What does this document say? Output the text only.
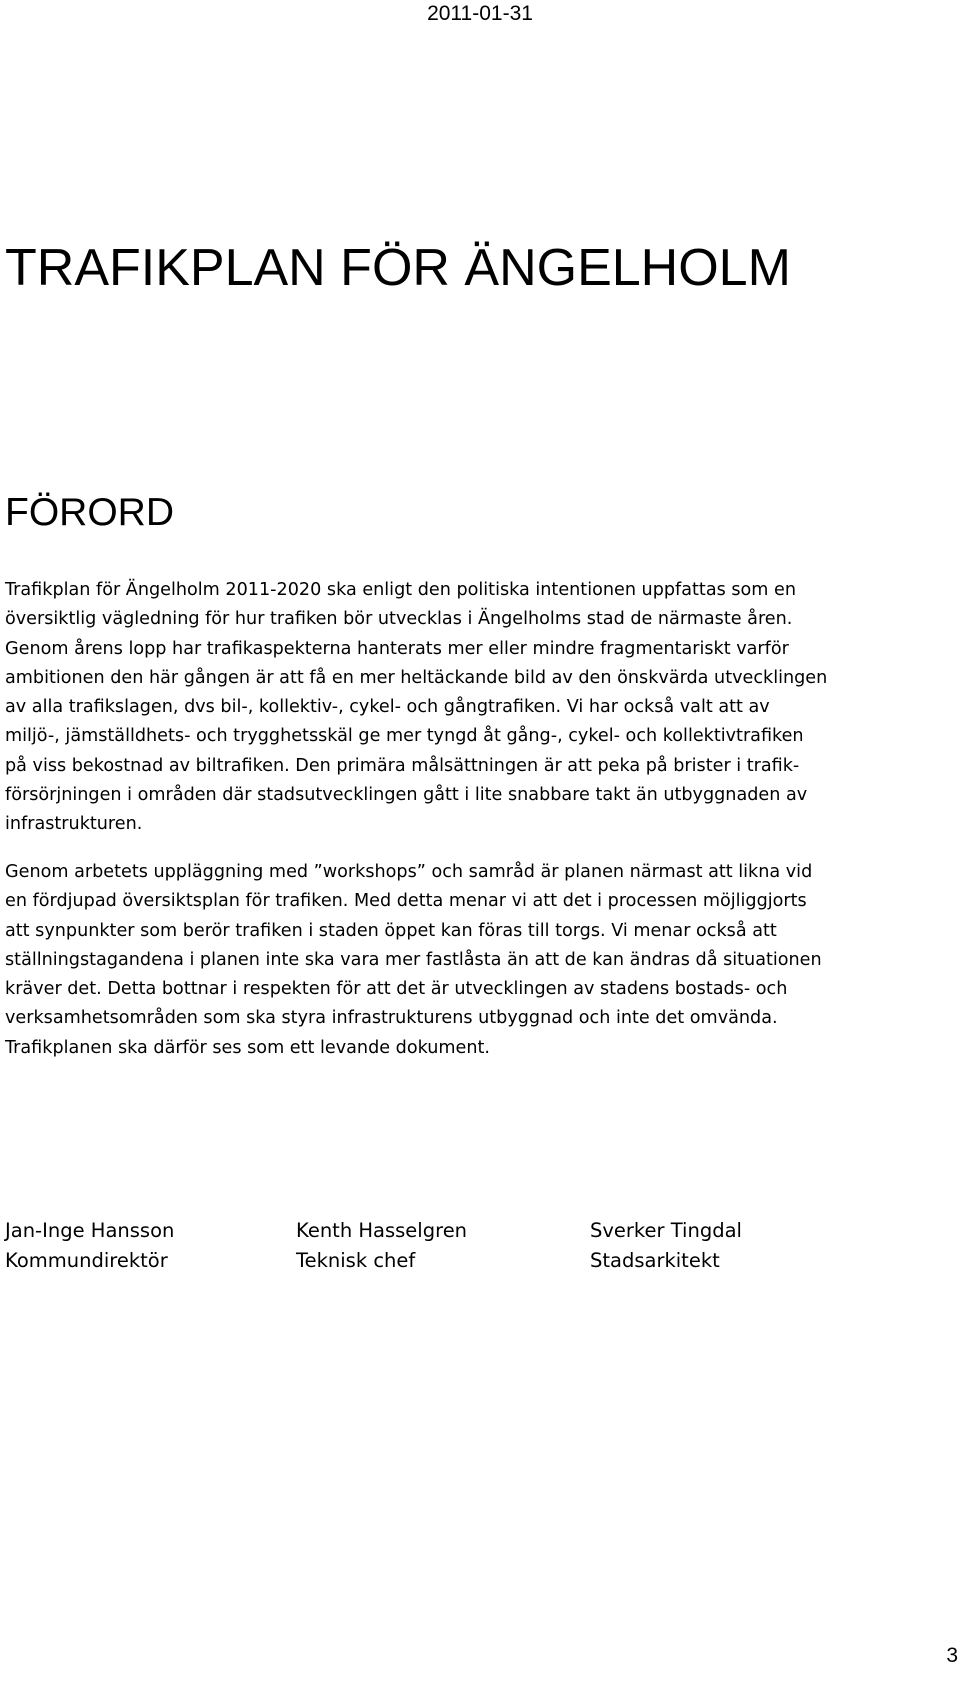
2011-01-31
TRAFIKPLAN FÖR ÄNGELHOLM
FÖRORD

Trafikplan för Ängelholm 2011-2020 ska enligt den politiska intentionen uppfattas som en
översiktlig vägledning för hur trafiken bör utvecklas i Ängelholms stad de närmaste åren.
Genom årens lopp har trafikaspekterna hanterats mer eller mindre fragmentariskt varför
ambitionen den här gången är att få en mer heltäckande bild av den önskvärda utvecklingen
av alla trafikslagen, dvs bil-, kollektiv-, cykel- och gångtrafiken. Vi har också valt att av
miljö-, jämställdhets- och trygghetsskäl ge mer tyngd åt gång-, cykel- och kollektivtrafiken
på viss bekostnad av biltrafiken. Den primära målsättningen är att peka på brister i trafik-
försörjningen i områden där stadsutvecklingen gått i lite snabbare takt än utbyggnaden av
infrastrukturen.

Genom arbetets uppläggning med ”workshops” och samråd är planen närmast att likna vid
en fördjupad översiktsplan för trafiken. Med detta menar vi att det i processen möjliggjorts
att synpunkter som berör trafiken i staden öppet kan föras till torgs. Vi menar också att
ställningstagandena i planen inte ska vara mer fastlåsta än att de kan ändras då situationen
kräver det. Detta bottnar i respekten för att det är utvecklingen av stadens bostads- och
verksamhetsområden som ska styra infrastrukturens utbyggnad och inte det omvända.
Trafikplanen ska därför ses som ett levande dokument.

Jan-Inge Hansson
Kommundirektör
Kenth Hasselgren
Teknisk chef
Sverker Tingdal
Stadsarkitekt
3
